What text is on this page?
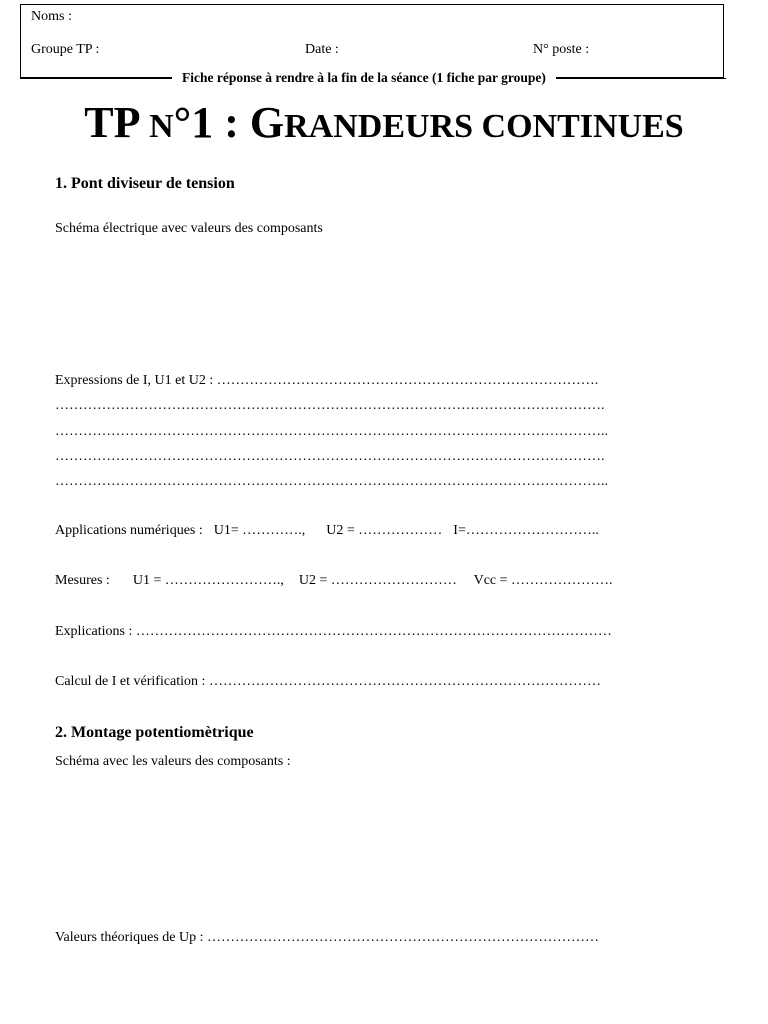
Noms :
Groupe TP :	Date :	N° poste :
Fiche réponse à rendre à la fin de la séance (1 fiche par groupe)
TP N°1 : GRANDEURS CONTINUES
1. Pont diviseur de tension
Schéma électrique avec valeurs des composants
Expressions de I, U1 et U2 : ……………………………………………………………………….
……………………………………………………………………………………………………….
………………………………………………………………………………………………………..
……………………………………………………………………………………………………….
………………………………………………………………………………………………………..
Applications numériques : U1= …………., U2 = ……………… I=………………………..
Mesures : U1 = ……………………., U2 = ……………………… Vcc = ………………….
Explications : …………………………………………………………………………………………
Calcul de I et vérification : …………………………………………………………………………
2. Montage potentiomètrique
Schéma avec les valeurs des composants :
Valeurs théoriques de Up : …………………………………………………………………………
